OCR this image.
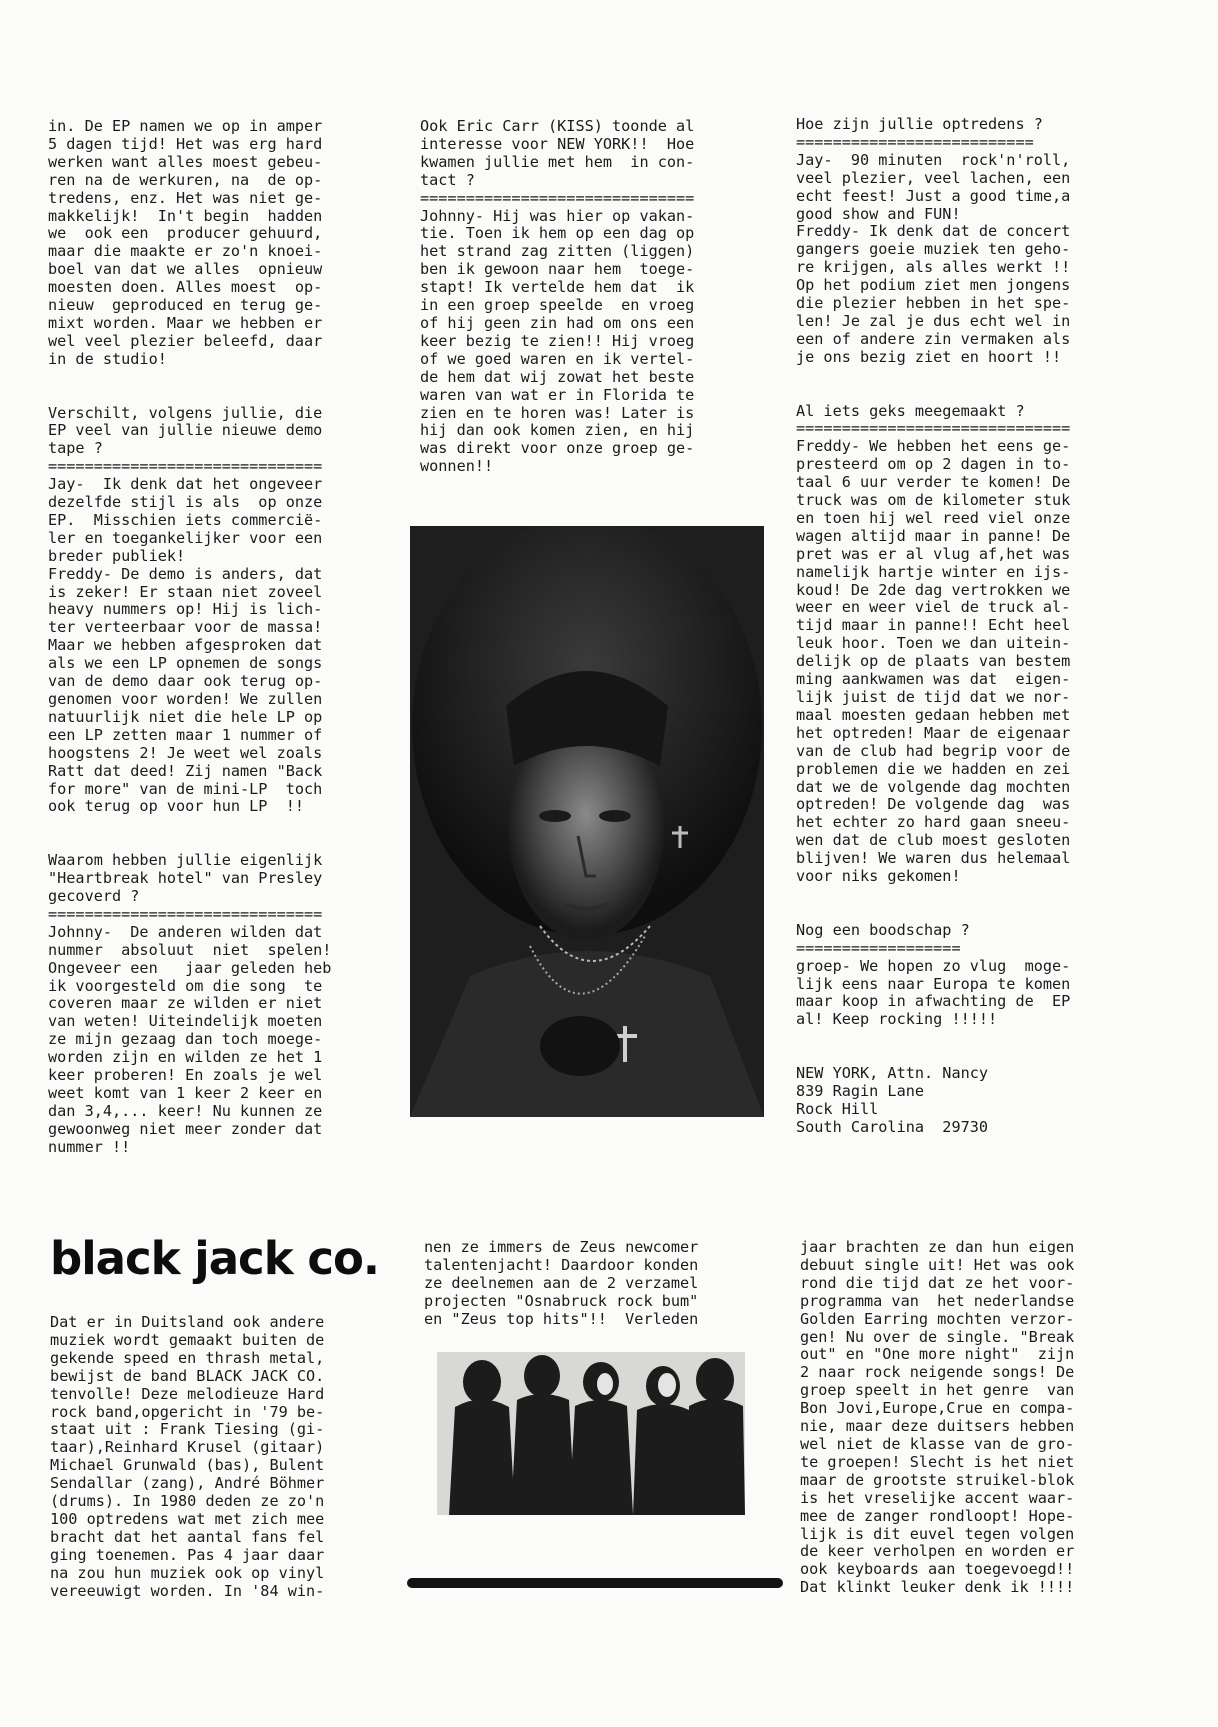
in. De EP namen we op in amper

5 dagen tijd! Het was erg hard

werken want alles moest gebeu-

ren na de werkuren, na  de op-

tredens, enz. Het was niet ge-

makkelijk!  In't begin  hadden

we  ook een  producer gehuurd,

maar die maakte er zo'n knoei-

boel van dat we alles  opnieuw

moesten doen. Alles moest  op-

nieuw  geproduced en terug ge-

mixt worden. Maar we hebben er

wel veel plezier beleefd, daar

in de studio!

Verschilt, volgens jullie, die

EP veel van jullie nieuwe demo

tape ?

==============================

Jay-  Ik denk dat het ongeveer

dezelfde stijl is als  op onze

EP.  Misschien iets commerciё-

ler en toegankelijker voor een

breder publiek!

Freddy- De demo is anders, dat

is zeker! Er staan niet zoveel

heavy nummers op! Hij is lich-

ter verteerbaar voor de massa!

Maar we hebben afgesproken dat

als we een LP opnemen de songs

van de demo daar ook terug op-

genomen voor worden! We zullen

natuurlijk niet die hele LP op

een LP zetten maar 1 nummer of

hoogstens 2! Je weet wel zoals

Ratt dat deed! Zij namen "Back

for more" van de mini-LP  toch

ook terug op voor hun LP  !!

Waarom hebben jullie eigenlijk

"Heartbreak hotel" van Presley

gecoverd ?

==============================

Johnny-  De anderen wilden dat

nummer  absoluut  niet  spelen!

Ongeveer een   jaar geleden heb

ik voorgesteld om die song  te

coveren maar ze wilden er niet

van weten! Uiteindelijk moeten

ze mijn gezaag dan toch moege-

worden zijn en wilden ze het 1

keer proberen! En zoals je wel

weet komt van 1 keer 2 keer en

dan 3,4,... keer! Nu kunnen ze

gewoonweg niet meer zonder dat

nummer !!

Ook Eric Carr (KISS) toonde al

interesse voor NEW YORK!!  Hoe

kwamen jullie met hem  in con-

tact ?

==============================

Johnny- Hij was hier op vakan-

tie. Toen ik hem op een dag op

het strand zag zitten (liggen)

ben ik gewoon naar hem  toege-

stapt! Ik vertelde hem dat  ik

in een groep speelde  en vroeg

of hij geen zin had om ons een

keer bezig te zien!! Hij vroeg

of we goed waren en ik vertel-

de hem dat wij zowat het beste

waren van wat er in Florida te

zien en te horen was! Later is

hij dan ook komen zien, en hij

was direkt voor onze groep ge-

wonnen!!

Hoe zijn jullie optredens ?

==========================

Jay-  90 minuten  rock'n'roll,

veel plezier, veel lachen, een

echt feest! Just a good time,a

good show and FUN!

Freddy- Ik denk dat de concert

gangers goeie muziek ten geho-

re krijgen, als alles werkt !!

Op het podium ziet men jongens

die plezier hebben in het spe-

len! Je zal je dus echt wel in

een of andere zin vermaken als

je ons bezig ziet en hoort !!

Al iets geks meegemaakt ?

==============================

Freddy- We hebben het eens ge-

presteerd om op 2 dagen in to-

taal 6 uur verder te komen! De

truck was om de kilometer stuk

en toen hij wel reed viel onze

wagen altijd maar in panne! De

pret was er al vlug af,het was

namelijk hartje winter en ijs-

koud! De 2de dag vertrokken we

weer en weer viel de truck al-

tijd maar in panne!! Echt heel

leuk hoor. Toen we dan uitein-

delijk op de plaats van bestem

ming aankwamen was dat  eigen-

lijk juist de tijd dat we nor-

maal moesten gedaan hebben met

het optreden! Maar de eigenaar

van de club had begrip voor de

problemen die we hadden en zei

dat we de volgende dag mochten

optreden! De volgende dag  was

het echter zo hard gaan sneeu-

wen dat de club moest gesloten

blijven! We waren dus helemaal

voor niks gekomen!

Nog een boodschap ?

==================

groep- We hopen zo vlug  moge-

lijk eens naar Europa te komen

maar koop in afwachting de  EP

al! Keep rocking !!!!!

NEW YORK, Attn. Nancy

839 Ragin Lane

Rock Hill

South Carolina  29730

black jack co.

Dat er in Duitsland ook andere

muziek wordt gemaakt buiten de

gekende speed en thrash metal,

bewijst de band BLACK JACK CO.

tenvolle! Deze melodieuze Hard

rock band,opgericht in '79 be-

staat uit : Frank Tiesing (gi-

taar),Reinhard Krusel (gitaar)

Michael Grunwald (bas), Bulent

Sendallar (zang), André Böhmer

(drums). In 1980 deden ze zo'n

100 optredens wat met zich mee

bracht dat het aantal fans fel

ging toenemen. Pas 4 jaar daar

na zou hun muziek ook op vinyl

vereeuwigt worden. In '84 win-

nen ze immers de Zeus newcomer

talentenjacht! Daardoor konden

ze deelnemen aan de 2 verzamel

projecten "Osnabruck rock bum"

en "Zeus top hits"!!  Verleden

jaar brachten ze dan hun eigen

debuut single uit! Het was ook

rond die tijd dat ze het voor-

programma van  het nederlandse

Golden Earring mochten verzor-

gen! Nu over de single. "Break

out" en "One more night"  zijn

2 naar rock neigende songs! De

groep speelt in het genre  van

Bon Jovi,Europe,Crue en compa-

nie, maar deze duitsers hebben

wel niet de klasse van de gro-

te groepen! Slecht is het niet

maar de grootste struikel-blok

is het vreselijke accent waar-

mee de zanger rondloopt! Hope-

lijk is dit euvel tegen volgen

de keer verholpen en worden er

ook keyboards aan toegevoegd!!

Dat klinkt leuker denk ik !!!!
